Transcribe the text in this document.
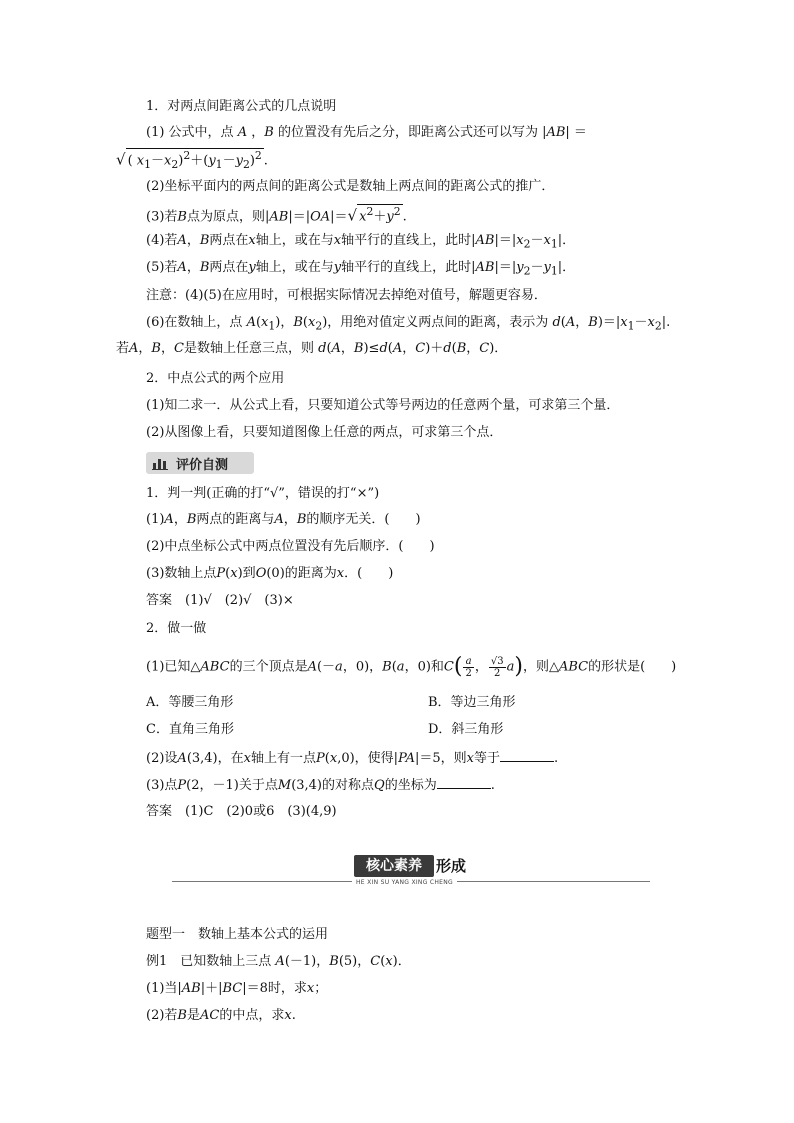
1．对两点间距离公式的几点说明
(1) 公式中，点 A ，B 的位置没有先后之分，即距离公式还可以写为 |AB| ＝
√ ( $x_1-x_2)^2+(y_1-y_2)^2$ .
(2)坐标平面内的两点间的距离公式是数轴上两点间的距离公式的推广．
(3)若B点为原点，则|AB|＝|OA|＝√ $x^2+y^2$ .
(4)若A，B两点在x轴上，或在与x轴平行的直线上，此时$|AB|=|x_2-x_1|$．
(5)若A，B两点在y轴上，或在与y轴平行的直线上，此时$|AB|=|y_2-y_1|$．
注意：(4)(5)在应用时，可根据实际情况去掉绝对值号，解题更容易．
(6)在数轴上，点 $A(x_1)$，$B(x_2)$，用绝对值定义两点间的距离，表示为 d(A，$B)=|x_1-x_2|$.
若A，B，C是数轴上任意三点，则 d(A，B)≤d(A，C)＋d(B，C)．
2．中点公式的两个应用
(1)知二求一．从公式上看，只要知道公式等号两边的任意两个量，可求第三个量．
(2)从图像上看，只要知道图像上任意的两点，可求第三个点．
评价自测
1．判一判(正确的打“√”，错误的打“×”)
(1)A，B两点的距离与A，B的顺序无关．(　　)
(2)中点坐标公式中两点位置没有先后顺序．(　　)
(3)数轴上点P(x)到O(0)的距离为x．(　　)
答案　 (1)√　(2)√　(3)×
2．做一做
(1)已知△ABC的三个顶点是A(－a，0)，B(a，0)和$C( \frac{a}{2}$ ， $\frac{√3}{2} a$)，则△ABC的形状是(　　)
A．等腰三角形	B．等边三角形
C．直角三角形	D．斜三角形
(2)设A(3,4)，在x轴上有一点P(x,0)，使得|PA|＝5，则x等于	.
(3)点P(2，－1)关于点M(3,4)的对称点Q的坐标为	.
答案　 (1)C　(2)0或6　(3)(4,9)
核心素养 形成
HE XIN SU YANG XING CHENG
题型一　数轴上基本公式的运用
例1　已知数轴上三点 A(－1)，B(5)，C(x)．
(1)当|AB|＋|BC|＝8时，求x；
(2)若B是AC的中点，求x.
